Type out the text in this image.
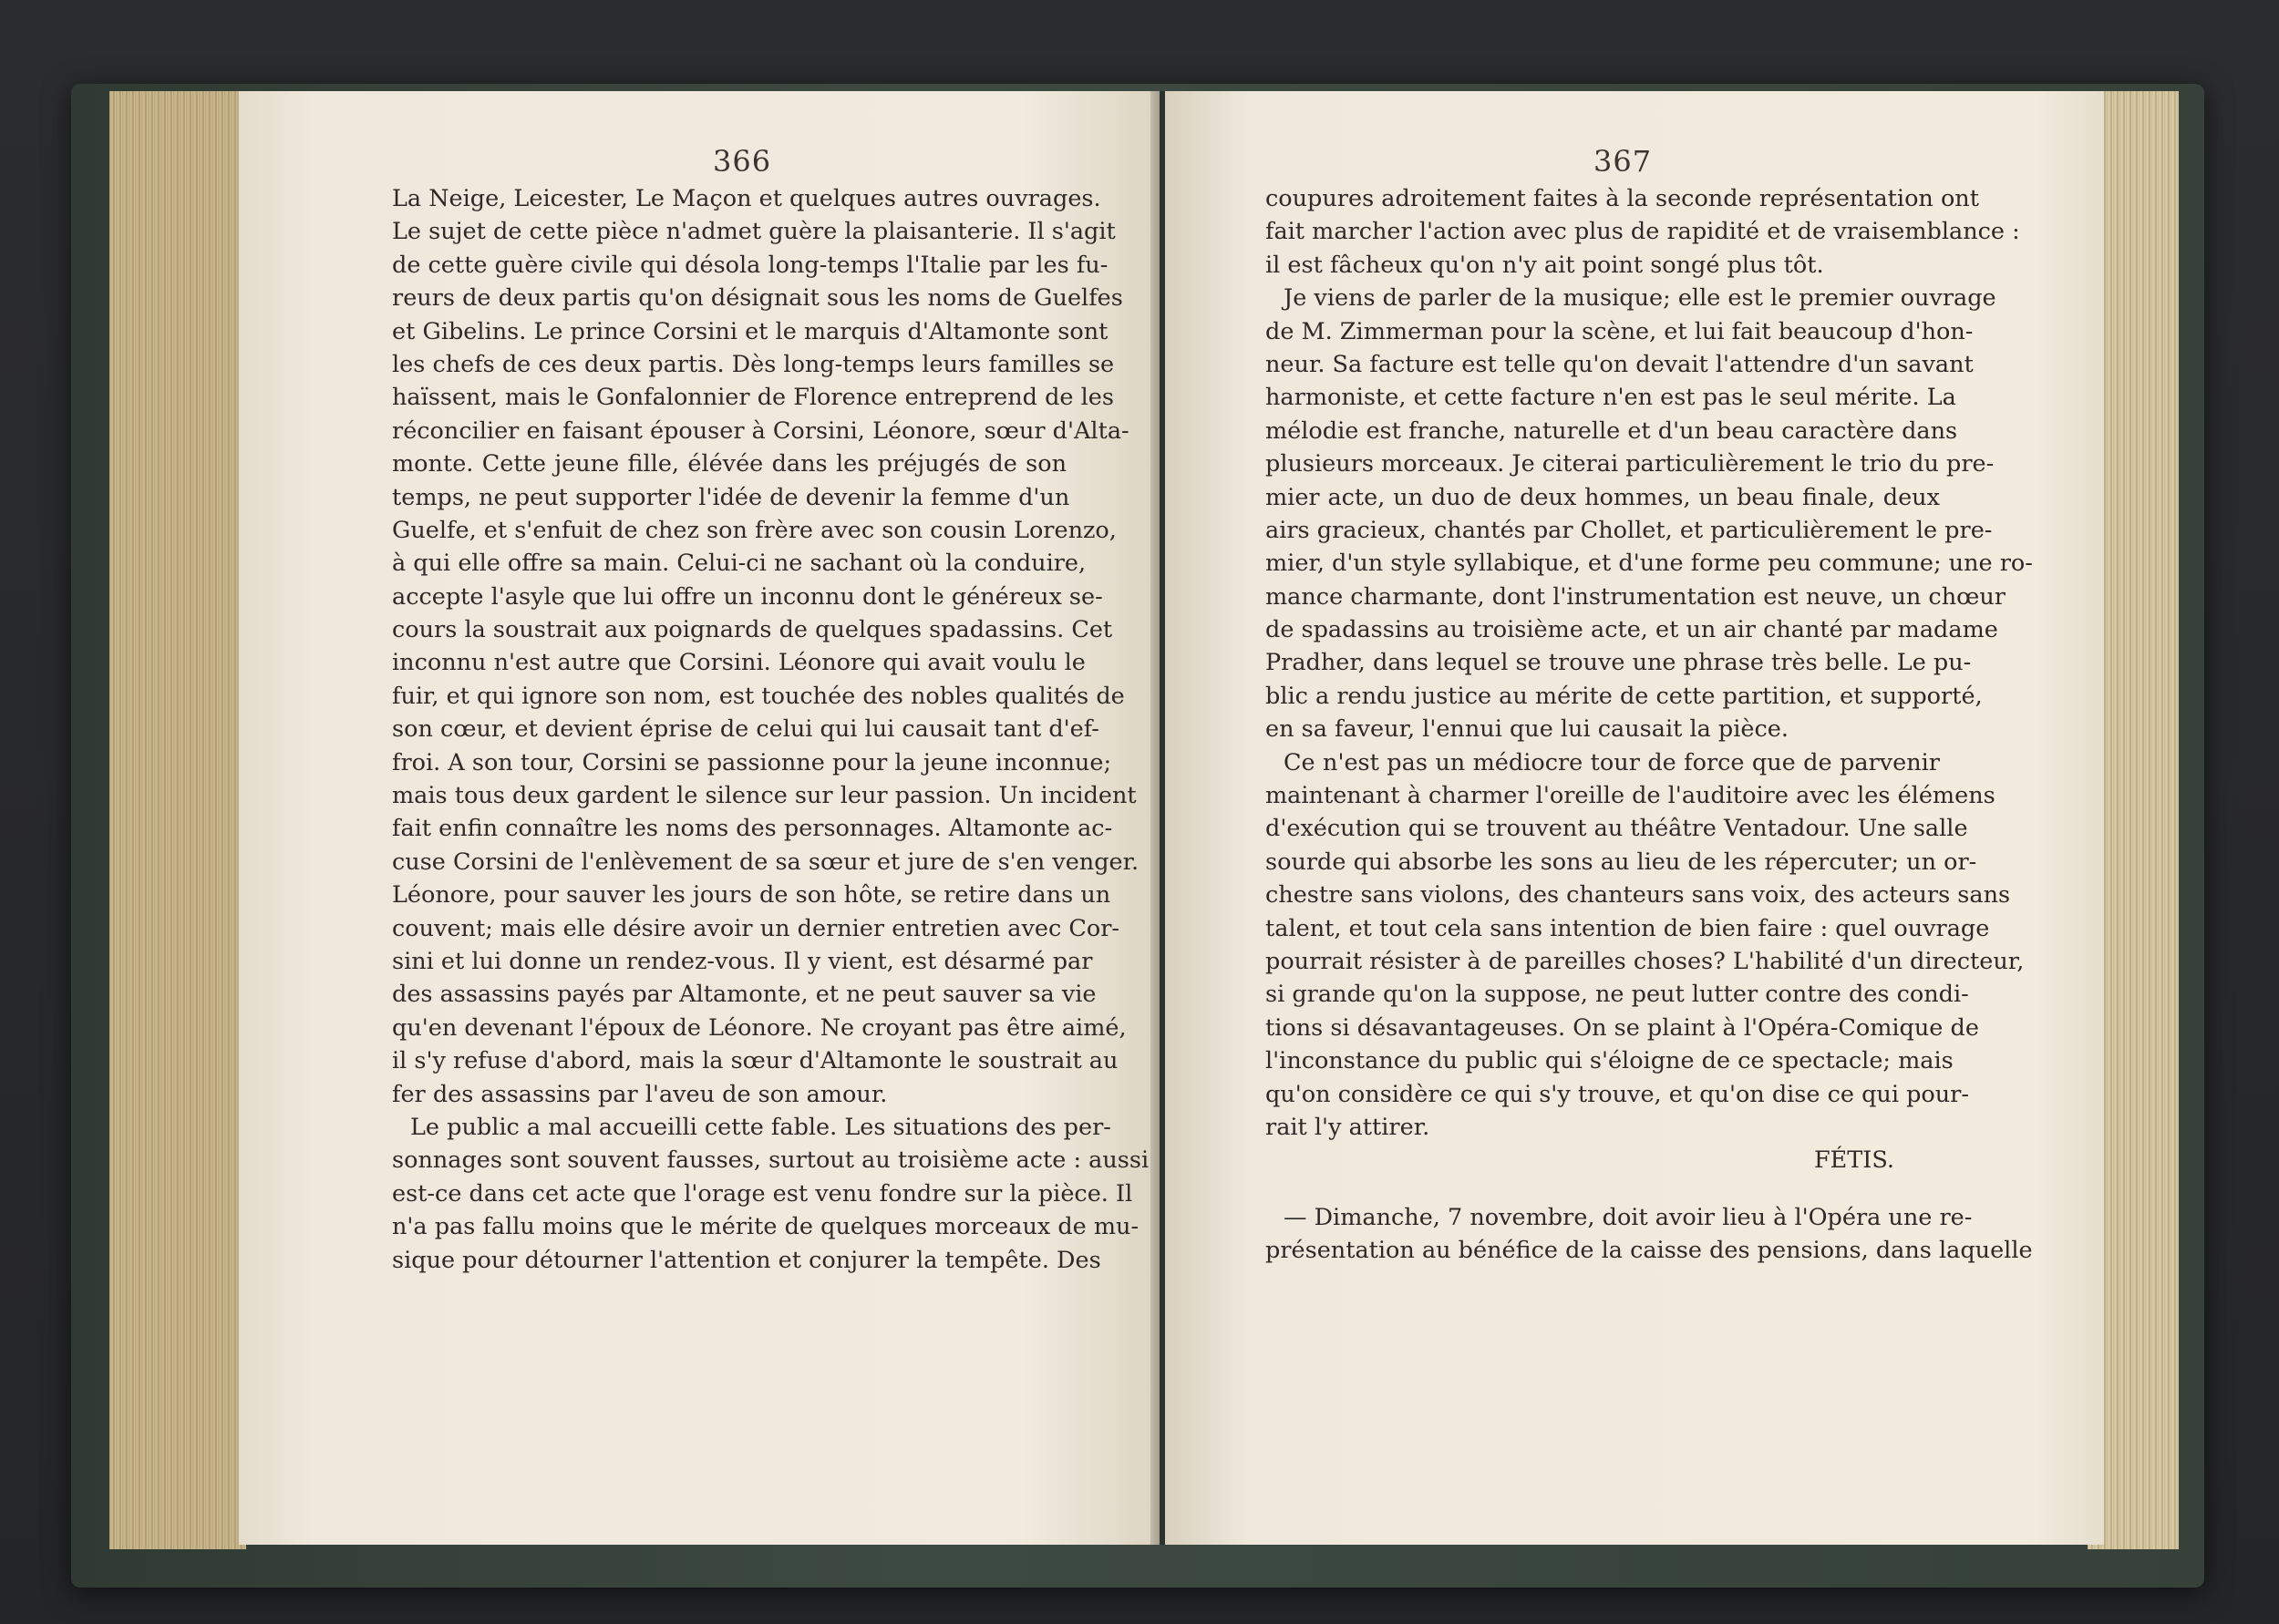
366
La Neige, Leicester, Le Maçon et quelques autres ouvrages.
Le sujet de cette pièce n'admet guère la plaisanterie. Il s'agit
de cette guère civile qui désola long-temps l'Italie par les fu-
reurs de deux partis qu'on désignait sous les noms de Guelfes
et Gibelins. Le prince Corsini et le marquis d'Altamonte sont
les chefs de ces deux partis. Dès long-temps leurs familles se
haïssent, mais le Gonfalonnier de Florence entreprend de les
réconcilier en faisant épouser à Corsini, Léonore, sœur d'Alta-
monte. Cette jeune fille, élévée dans les préjugés de son
temps, ne peut supporter l'idée de devenir la femme d'un
Guelfe, et s'enfuit de chez son frère avec son cousin Lorenzo,
à qui elle offre sa main. Celui-ci ne sachant où la conduire,
accepte l'asyle que lui offre un inconnu dont le généreux se-
cours la soustrait aux poignards de quelques spadassins. Cet
inconnu n'est autre que Corsini. Léonore qui avait voulu le
fuir, et qui ignore son nom, est touchée des nobles qualités de
son cœur, et devient éprise de celui qui lui causait tant d'ef-
froi. A son tour, Corsini se passionne pour la jeune inconnue;
mais tous deux gardent le silence sur leur passion. Un incident
fait enfin connaître les noms des personnages. Altamonte ac-
cuse Corsini de l'enlèvement de sa sœur et jure de s'en venger.
Léonore, pour sauver les jours de son hôte, se retire dans un
couvent; mais elle désire avoir un dernier entretien avec Cor-
sini et lui donne un rendez-vous. Il y vient, est désarmé par
des assassins payés par Altamonte, et ne peut sauver sa vie
qu'en devenant l'époux de Léonore. Ne croyant pas être aimé,
il s'y refuse d'abord, mais la sœur d'Altamonte le soustrait au
fer des assassins par l'aveu de son amour.
Le public a mal accueilli cette fable. Les situations des per-
sonnages sont souvent fausses, surtout au troisième acte : aussi
est-ce dans cet acte que l'orage est venu fondre sur la pièce. Il
n'a pas fallu moins que le mérite de quelques morceaux de mu-
sique pour détourner l'attention et conjurer la tempête. Des
367
coupures adroitement faites à la seconde représentation ont
fait marcher l'action avec plus de rapidité et de vraisemblance :
il est fâcheux qu'on n'y ait point songé plus tôt.
Je viens de parler de la musique; elle est le premier ouvrage
de M. Zimmerman pour la scène, et lui fait beaucoup d'hon-
neur. Sa facture est telle qu'on devait l'attendre d'un savant
harmoniste, et cette facture n'en est pas le seul mérite. La
mélodie est franche, naturelle et d'un beau caractère dans
plusieurs morceaux. Je citerai particulièrement le trio du pre-
mier acte, un duo de deux hommes, un beau finale, deux
airs gracieux, chantés par Chollet, et particulièrement le pre-
mier, d'un style syllabique, et d'une forme peu commune; une ro-
mance charmante, dont l'instrumentation est neuve, un chœur
de spadassins au troisième acte, et un air chanté par madame
Pradher, dans lequel se trouve une phrase très belle. Le pu-
blic a rendu justice au mérite de cette partition, et supporté,
en sa faveur, l'ennui que lui causait la pièce.
Ce n'est pas un médiocre tour de force que de parvenir
maintenant à charmer l'oreille de l'auditoire avec les élémens
d'exécution qui se trouvent au théâtre Ventadour. Une salle
sourde qui absorbe les sons au lieu de les répercuter; un or-
chestre sans violons, des chanteurs sans voix, des acteurs sans
talent, et tout cela sans intention de bien faire : quel ouvrage
pourrait résister à de pareilles choses? L'habilité d'un directeur,
si grande qu'on la suppose, ne peut lutter contre des condi-
tions si désavantageuses. On se plaint à l'Opéra-Comique de
l'inconstance du public qui s'éloigne de ce spectacle; mais
qu'on considère ce qui s'y trouve, et qu'on dise ce qui pour-
rait l'y attirer.
FÉTIS.
— Dimanche, 7 novembre, doit avoir lieu à l'Opéra une re-
présentation au bénéfice de la caisse des pensions, dans laquelle
